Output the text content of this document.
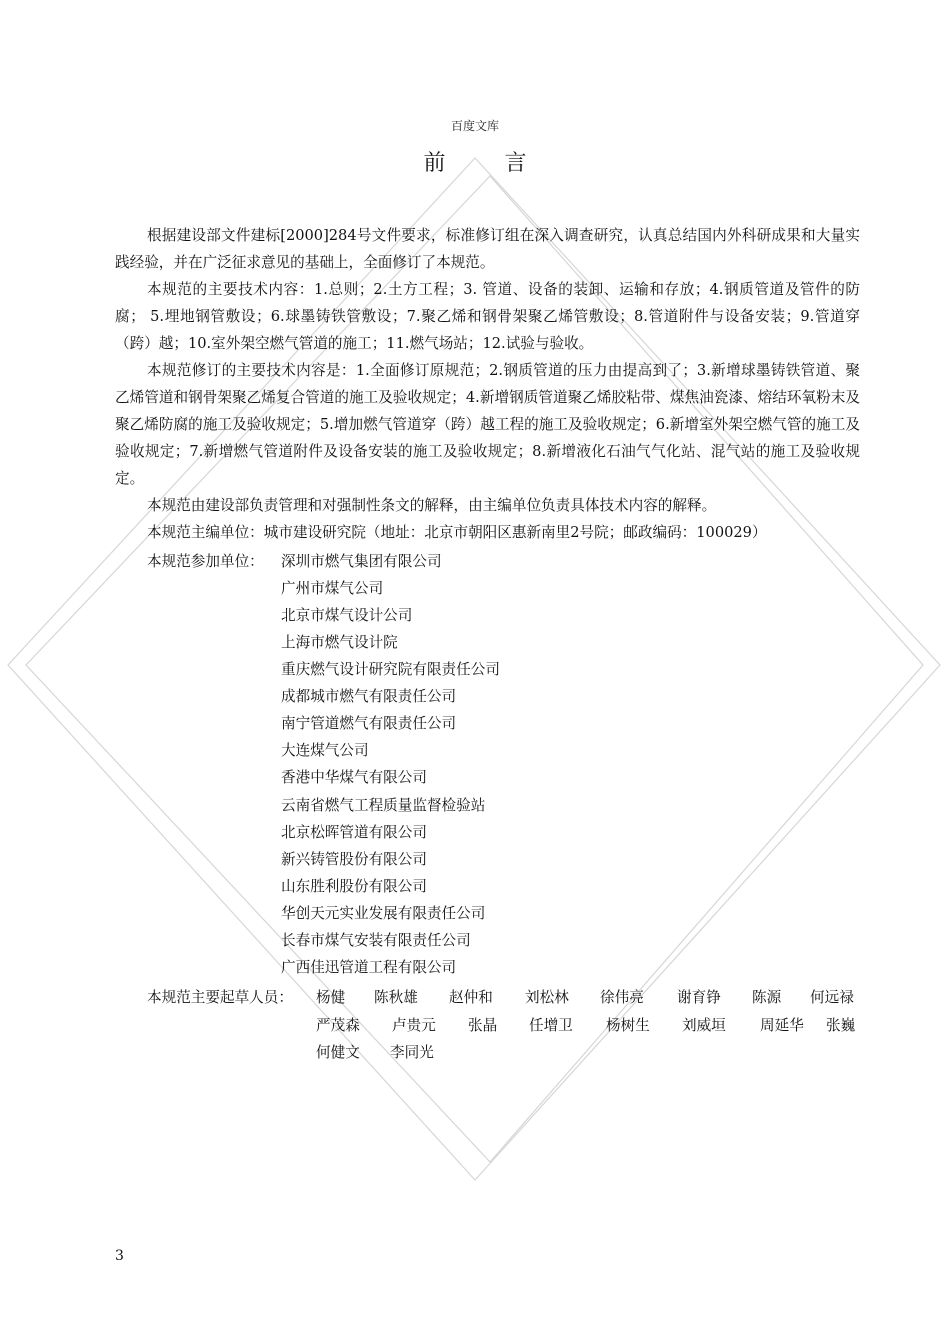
百度文库
前 言

根据建设部文件建标[2000]284号文件要求，标准修订组在深入调查研究，认真总结国内外科研成果和大量实践经验，并在广泛征求意见的基础上，全面修订了本规范。

本规范的主要技术内容：1.总则；2.土方工程；3. 管道、设备的装卸、运输和存放；4.钢质管道及管件的防腐； 5.埋地钢管敷设；6.球墨铸铁管敷设；7.聚乙烯和钢骨架聚乙烯管敷设；8.管道附件与设备安装；9.管道穿（跨）越；10.室外架空燃气管道的施工；11.燃气场站；12.试验与验收。

本规范修订的主要技术内容是：1.全面修订原规范；2.钢质管道的压力由提高到了；3.新增球墨铸铁管道、聚乙烯管道和钢骨架聚乙烯复合管道的施工及验收规定；4.新增钢质管道聚乙烯胶粘带、煤焦油瓷漆、熔结环氧粉末及聚乙烯防腐的施工及验收规定；5.增加燃气管道穿（跨）越工程的施工及验收规定；6.新增室外架空燃气管的施工及验收规定；7.新增燃气管道附件及设备安装的施工及验收规定；8.新增液化石油气气化站、混气站的施工及验收规定。

本规范由建设部负责管理和对强制性条文的解释，由主编单位负责具体技术内容的解释。

本规范主编单位：城市建设研究院（地址：北京市朝阳区惠新南里2号院；邮政编码：100029）

本规范参加单位： 深圳市燃气集团有限公司
广州市煤气公司
北京市煤气设计公司
上海市燃气设计院
重庆燃气设计研究院有限责任公司
成都城市燃气有限责任公司
南宁管道燃气有限责任公司
大连煤气公司
香港中华煤气有限公司
云南省燃气工程质量监督检验站
北京松晖管道有限公司
新兴铸管股份有限公司
山东胜利股份有限公司
华创天元实业发展有限责任公司
长春市煤气安装有限责任公司
广西佳迅管道工程有限公司
本规范主要起草人员： 杨健 陈秋雄 赵仲和 刘松林 徐伟亮 谢育铮 陈源 何远禄
严茂森 卢贵元 张晶 任增卫 杨树生 刘威垣 周延华 张巍
何健文 李同光
3
